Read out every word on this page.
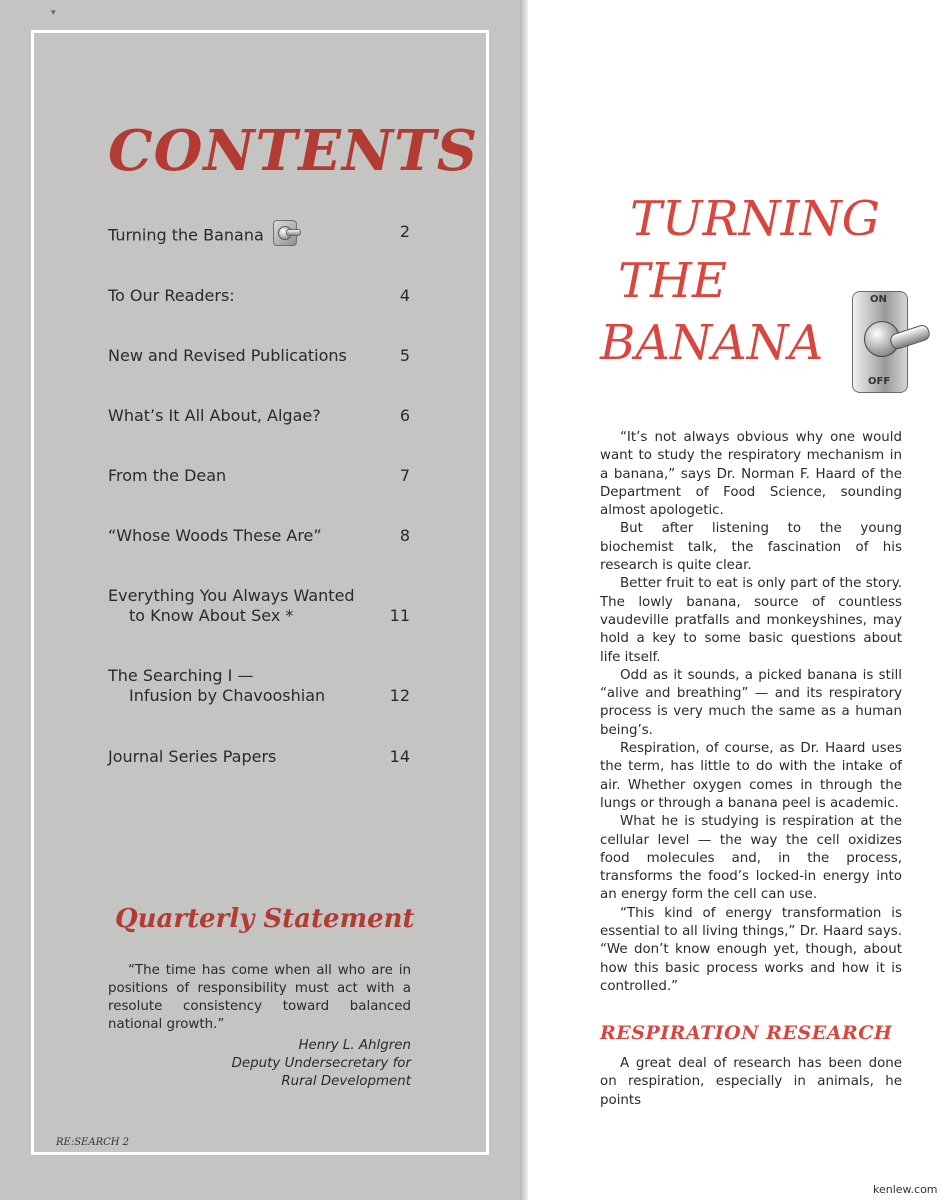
▾
CONTENTS
Turning the Banana	2
To Our Readers:	4
New and Revised Publications	5
What’s It All About, Algae?	6
From the Dean	7
“Whose Woods These Are”	8
Everything You Always Wanted
to Know About Sex *	11
The Searching I —
Infusion by Chavooshian	12
Journal Series Papers	14
Quarterly Statement

“The time has come when all who are in positions of responsibility must act with a resolute consistency toward balanced national growth.”

Henry L. Ahlgren
Deputy Undersecretary for
Rural Development
RE:SEARCH 2
TURNING
THE
BANANA
ON
OFF

“It’s not always obvious why one would want to study the respiratory mechanism in a banana,” says Dr. Norman F. Haard of the Department of Food Science, sounding almost apologetic.

But after listening to the young biochemist talk, the fascination of his research is quite clear.

Better fruit to eat is only part of the story. The lowly banana, source of countless vaudeville pratfalls and monkeyshines, may hold a key to some basic questions about life itself.

Odd as it sounds, a picked banana is still “alive and breathing” — and its respiratory process is very much the same as a human being’s.

Respiration, of course, as Dr. Haard uses the term, has little to do with the intake of air. Whether oxygen comes in through the lungs or through a banana peel is academic.

What he is studying is respiration at the cellular level — the way the cell oxidizes food molecules and, in the process, transforms the food’s locked-in energy into an energy form the cell can use.

“This kind of energy transformation is essential to all living things,” Dr. Haard says. “We don’t know enough yet, though, about how this basic process works and how it is controlled.”

RESPIRATION RESEARCH

A great deal of research has been done on respiration, especially in animals, he points

kenlew.com
